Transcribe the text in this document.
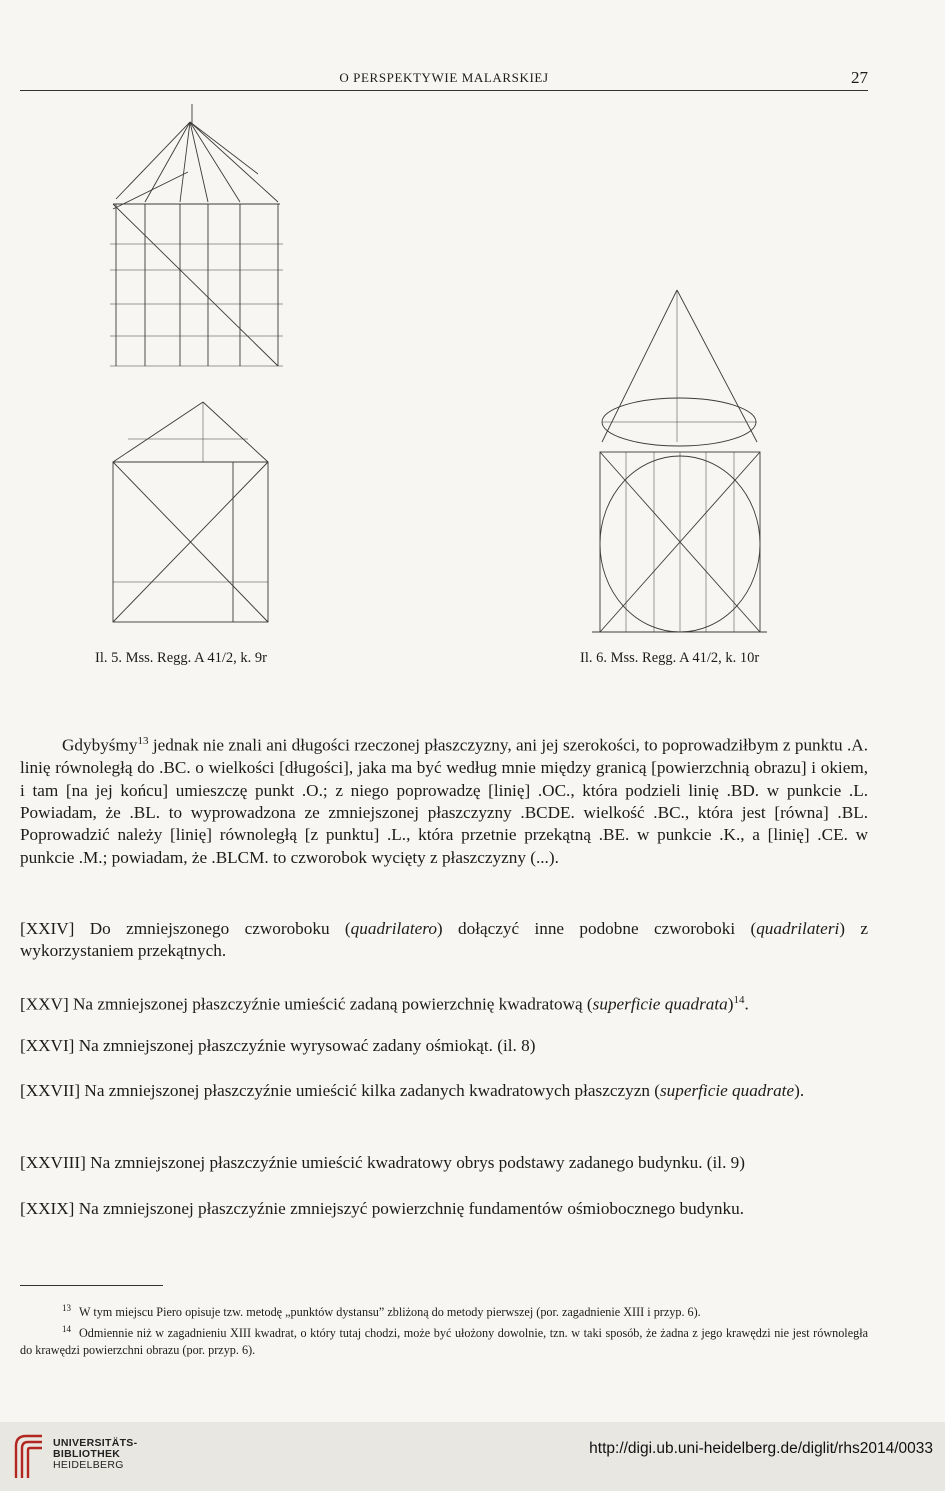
O PERSPEKTYWIE MALARSKIEJ	27
Il. 5. Mss. Regg. A 41/2, k. 9r	Il. 6. Mss. Regg. A 41/2, k. 10r

Gdybyśmy$^{13}$ jednak nie znali ani długości rzeczonej płaszczyzny, ani jej szerokości, to poprowadziłbym z punktu .A. linię równoległą do .BC. o wielkości [długości], jaka ma być według mnie między granicą [powierzchnią obrazu] i okiem, i tam [na jej końcu] umieszczę punkt .O.; z niego poprowadzę [linię] .OC., która podzieli linię .BD. w punkcie .L. Powiadam, że .BL. to wyprowadzona ze zmniejszonej płaszczyzny .BCDE. wielkość .BC., która jest [równa] .BL. Poprowadzić należy [linię] równoległą [z punktu] .L., która przetnie przekątną .BE. w punkcie .K., a [linię] .CE. w punkcie .M.; powiadam, że .BLCM. to czworobok wycięty z płaszczyzny (...).

[XXIV] Do zmniejszonego czworoboku (quadrilatero) dołączyć inne podobne czworoboki (quadrilateri) z wykorzystaniem przekątnych.

[XXV] Na zmniejszonej płaszczyźnie umieścić zadaną powierzchnię kwadratową (superficie quadrata)$^{14}$.

[XXVI] Na zmniejszonej płaszczyźnie wyrysować zadany ośmiokąt. (il. 8)

[XXVII] Na zmniejszonej płaszczyźnie umieścić kilka zadanych kwadratowych płaszczyzn (superficie quadrate).

[XXVIII] Na zmniejszonej płaszczyźnie umieścić kwadratowy obrys podstawy zadanego budynku. (il. 9)

[XXIX] Na zmniejszonej płaszczyźnie zmniejszyć powierzchnię fundamentów ośmiobocznego budynku.

$^{13}$ W tym miejscu Piero opisuje tzw. metodę „punktów dystansu” zbliżoną do metody pierwszej (por. zagadnienie XIII i przyp. 6).

$^{14}$ Odmiennie niż w zagadnieniu XIII kwadrat, o który tutaj chodzi, może być ułożony dowolnie, tzn. w taki sposób, że żadna z jego krawędzi nie jest równoległa do krawędzi powierzchni obrazu (por. przyp. 6).

UNIVERSITÄTS-
BIBLIOTHEK
HEIDELBERG
http://digi.ub.uni-heidelberg.de/diglit/rhs2014/0033
